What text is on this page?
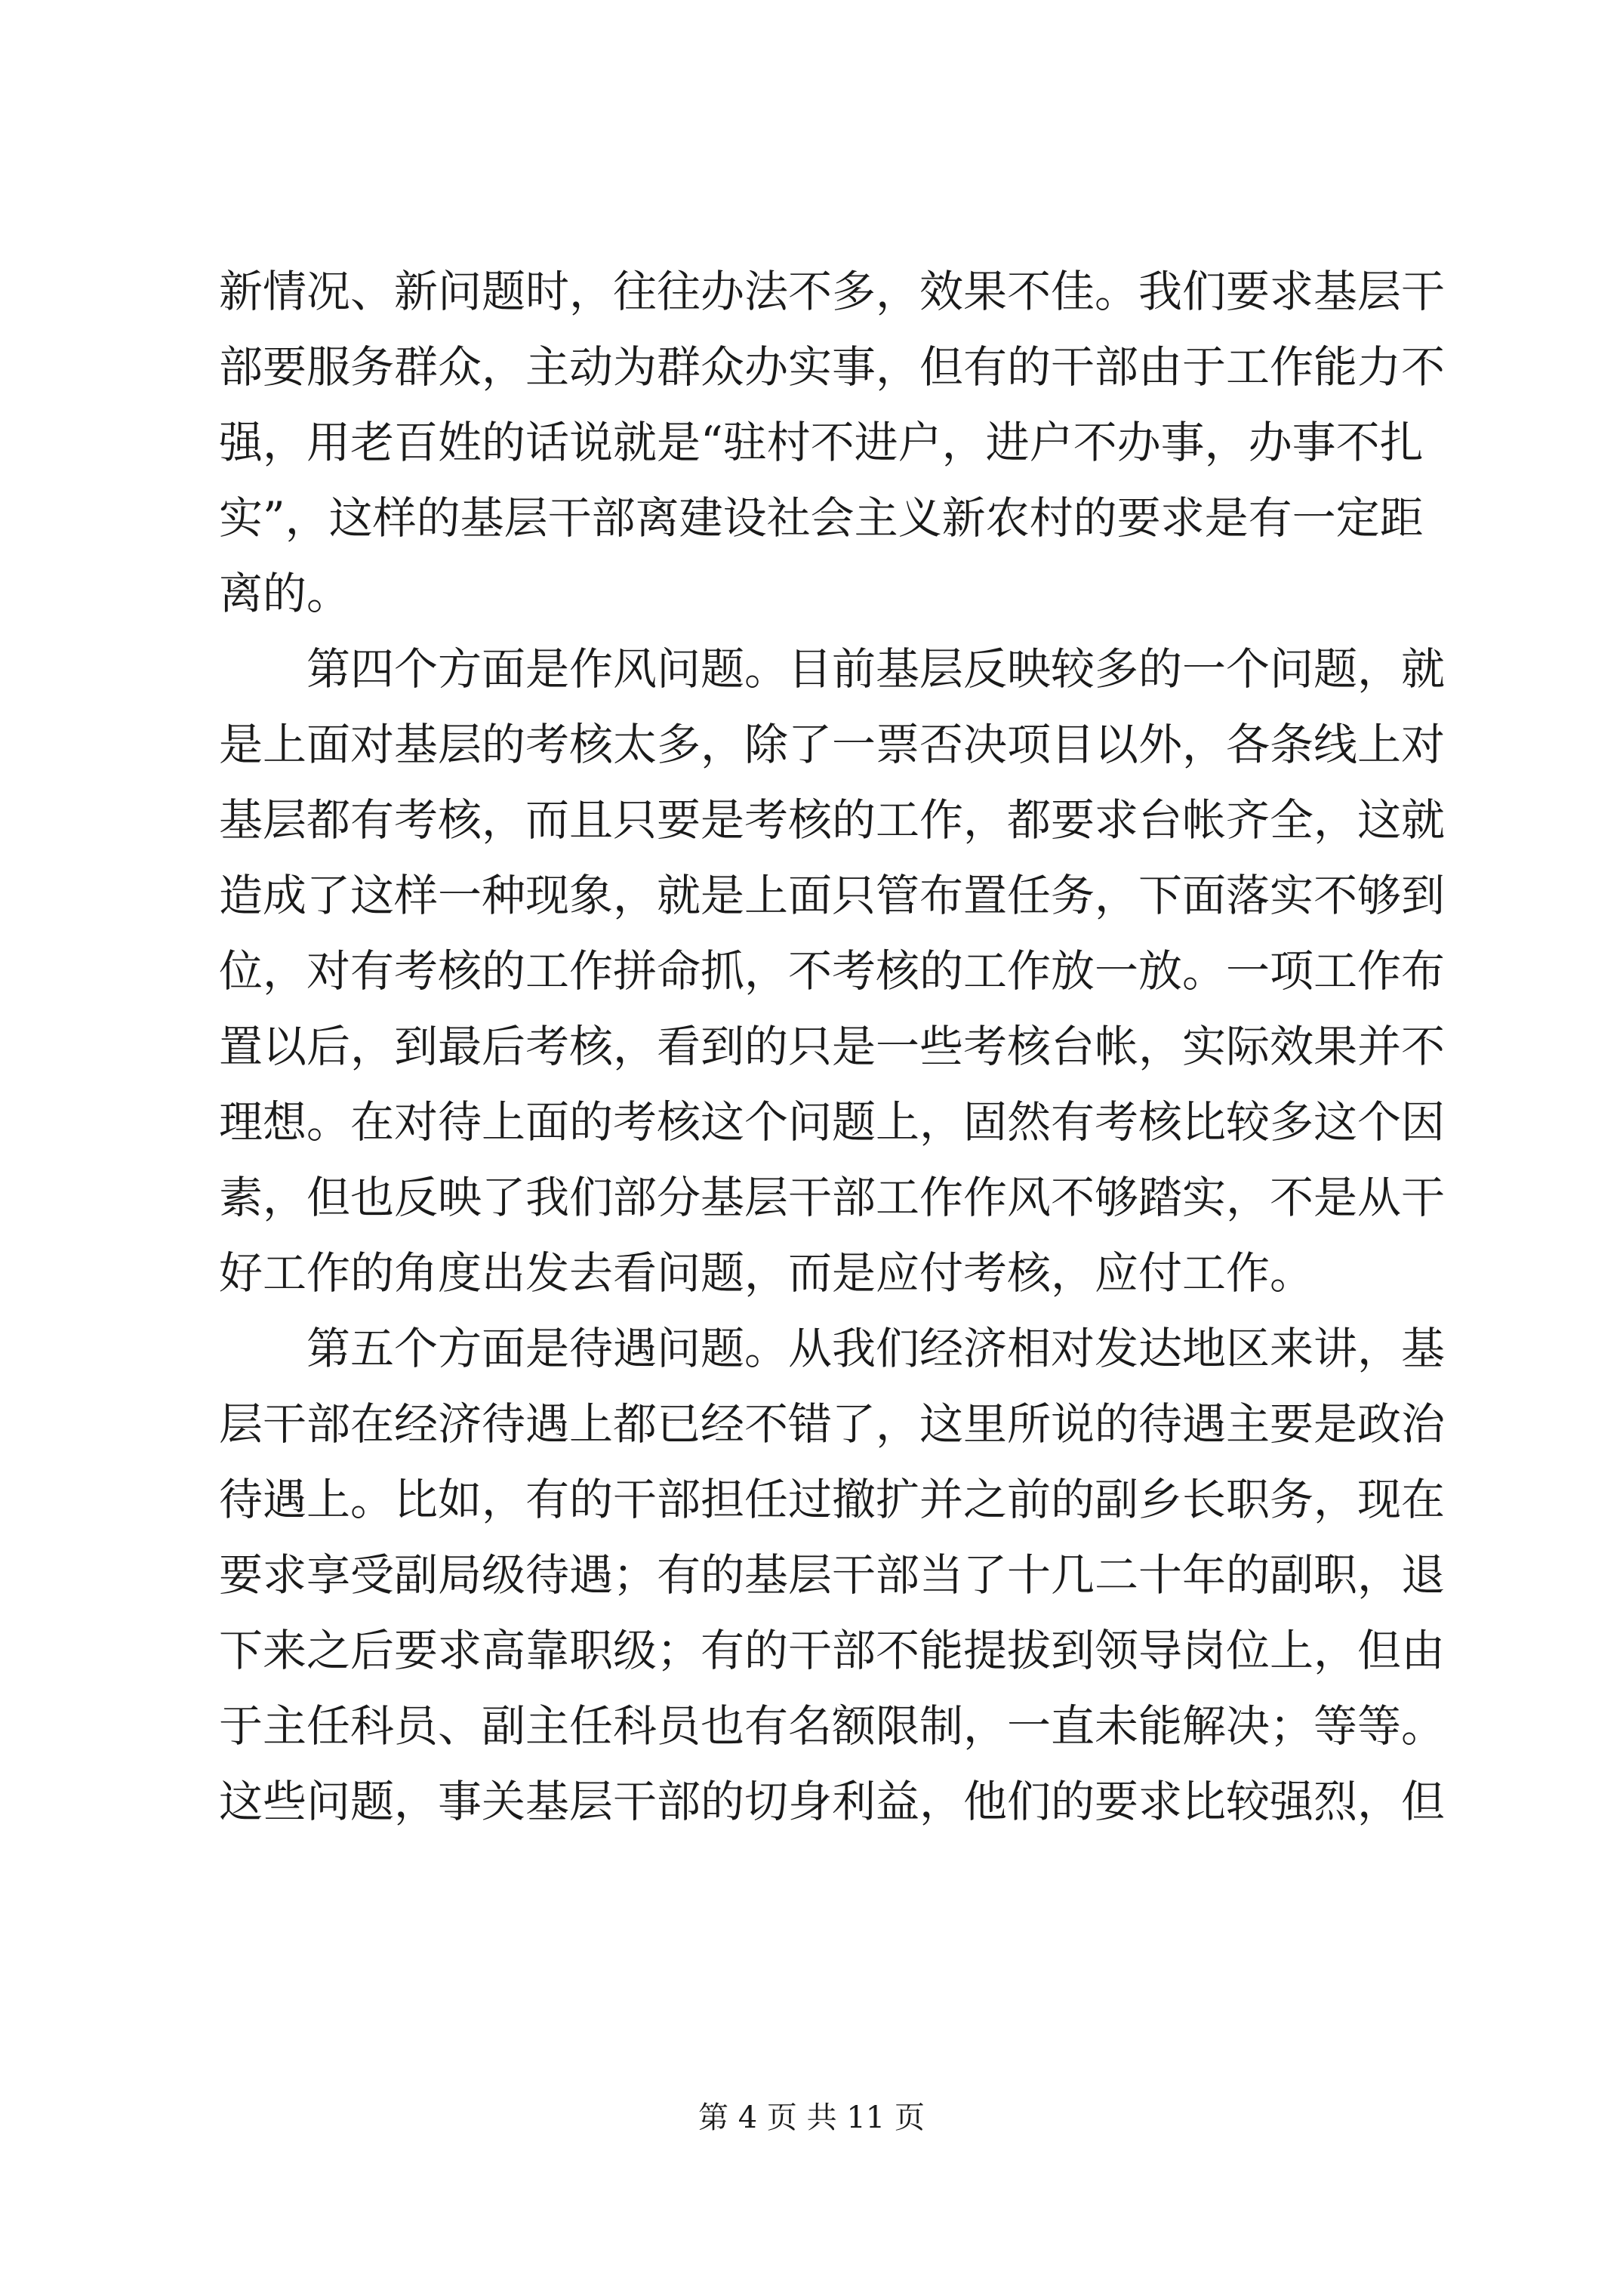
新情况、新问题时，往往办法不多，效果不佳。我们要求基层干
部要服务群众，主动为群众办实事，但有的干部由于工作能力不
强，用老百姓的话说就是“驻村不进户，进户不办事，办事不扎
实”，这样的基层干部离建设社会主义新农村的要求是有一定距
离的。
　　第四个方面是作风问题。目前基层反映较多的一个问题，就
是上面对基层的考核太多，除了一票否决项目以外，各条线上对
基层都有考核，而且只要是考核的工作，都要求台帐齐全，这就
造成了这样一种现象，就是上面只管布置任务，下面落实不够到
位，对有考核的工作拼命抓，不考核的工作放一放。一项工作布
置以后，到最后考核，看到的只是一些考核台帐，实际效果并不
理想。在对待上面的考核这个问题上，固然有考核比较多这个因
素，但也反映了我们部分基层干部工作作风不够踏实，不是从干
好工作的角度出发去看问题，而是应付考核，应付工作。
　　第五个方面是待遇问题。从我们经济相对发达地区来讲，基
层干部在经济待遇上都已经不错了，这里所说的待遇主要是政治
待遇上。比如，有的干部担任过撤扩并之前的副乡长职务，现在
要求享受副局级待遇；有的基层干部当了十几二十年的副职，退
下来之后要求高靠职级；有的干部不能提拔到领导岗位上，但由
于主任科员、副主任科员也有名额限制，一直未能解决；等等。
这些问题，事关基层干部的切身利益，他们的要求比较强烈，但
第 4 页 共 11 页
